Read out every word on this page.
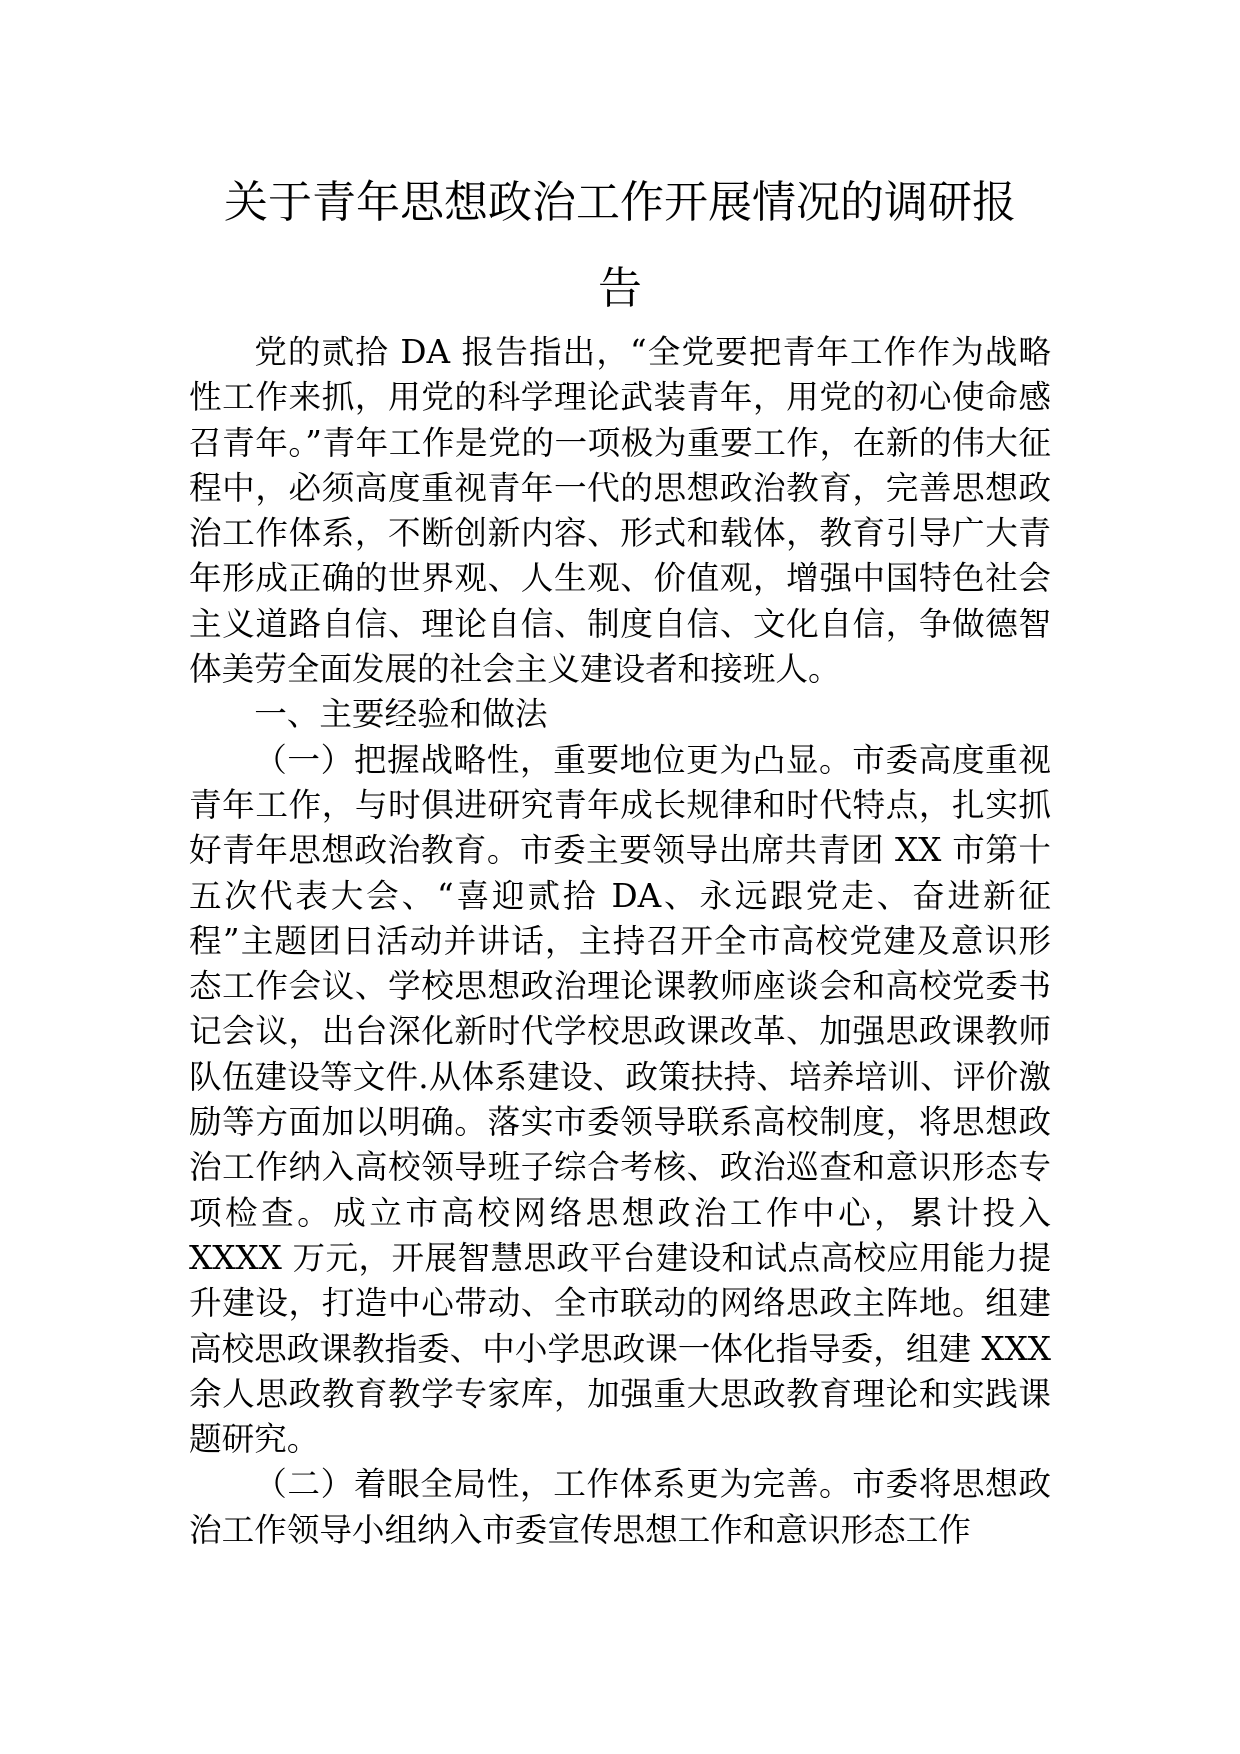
关于青年思想政治工作开展情况的调研报
告

党的贰拾 DA 报告指出，“全党要把青年工作作为战略性工作来抓，用党的科学理论武装青年，用党的初心使命感召青年。”青年工作是党的一项极为重要工作，在新的伟大征程中，必须高度重视青年一代的思想政治教育，完善思想政治工作体系，不断创新内容、形式和载体，教育引导广大青年形成正确的世界观、人生观、价值观，增强中国特色社会主义道路自信、理论自信、制度自信、文化自信，争做德智体美劳全面发展的社会主义建设者和接班人。

一、主要经验和做法

（一）把握战略性，重要地位更为凸显。市委高度重视青年工作，与时俱进研究青年成长规律和时代特点，扎实抓好青年思想政治教育。市委主要领导出席共青团 XX 市第十五次代表大会、“喜迎贰拾 DA、永远跟党走、奋进新征程”主题团日活动并讲话，主持召开全市高校党建及意识形态工作会议、学校思想政治理论课教师座谈会和高校党委书记会议，出台深化新时代学校思政课改革、加强思政课教师队伍建设等文件.从体系建设、政策扶持、培养培训、评价激励等方面加以明确。落实市委领导联系高校制度，将思想政治工作纳入高校领导班子综合考核、政治巡查和意识形态专项检查。成立市高校网络思想政治工作中心，累计投入 XXXX 万元，开展智慧思政平台建设和试点高校应用能力提升建设，打造中心带动、全市联动的网络思政主阵地。组建高校思政课教指委、中小学思政课一体化指导委，组建 XXX 余人思政教育教学专家库，加强重大思政教育理论和实践课题研究。

（二）着眼全局性，工作体系更为完善。市委将思想政治工作领导小组纳入市委宣传思想工作和意识形态工作
